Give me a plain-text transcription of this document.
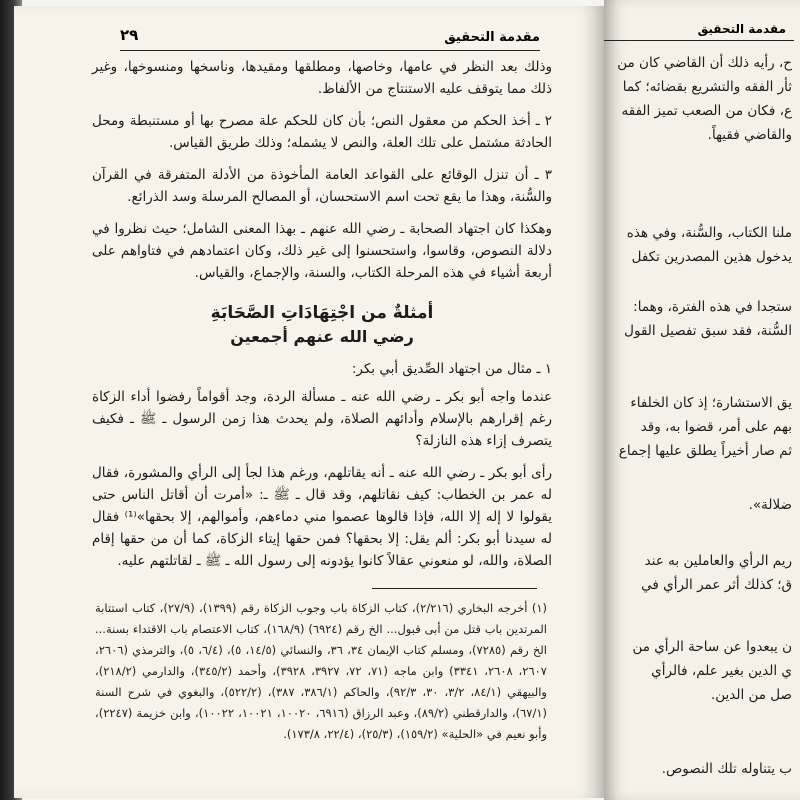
مقدمة التحقيق
٢٩

وذلك بعد النظر في عامها، وخاصها، ومطلقها ومقيدها، وناسخها ومنسوخها، وغير ذلك مما يتوقف عليه الاستنتاج من الألفاظ.

٢ ـ أخذ الحكم من معقول النص؛ بأن كان للحكم علة مصرح بها أو مستنبطة ومحل الحادثة مشتمل على تلك العلة، والنص لا يشمله؛ وذلك طريق القياس.

٣ ـ أن تنزل الوقائع على القواعد العامة المأخوذة من الأدلة المتفرقة في القرآن والسُّنة، وهذا ما يقع تحت اسم الاستحسان، أو المصالح المرسلة وسد الذرائع.

وهكذا كان اجتهاد الصحابة ـ رضي الله عنهم ـ بهذا المعنى الشامل؛ حيث نظروا في دلالة النصوص، وقاسوا، واستحسنوا إلى غير ذلك، وكان اعتمادهم في فتاواهم على أربعة أشياء في هذه المرحلة الكتاب، والسنة، والإجماع، والقياس.

أمثلةٌ من اجْتِهَادَاتِ الصَّحَابَةِ
رضي الله عنهم أجمعين

١ ـ مثال من اجتهاد الصِّديق أبي بكر:

عندما واجه أبو بكر ـ رضي الله عنه ـ مسألة الردة، وجد أقواماً رفضوا أداء الزكاة رغم إقرارهم بالإسلام وأدائهم الصلاة، ولم يحدث هذا زمن الرسول ـ ﷺ ـ فكيف يتصرف إزاء هذه النازلة؟

رأى أبو بكر ـ رضي الله عنه ـ أنه يقاتلهم، ورغم هذا لجأ إلى الرأي والمشورة، فقال له عمر بن الخطاب: كيف نقاتلهم، وقد قال ـ ﷺ ـ: «أمرت أن أقاتل الناس حتى يقولوا لا إله إلا الله، فإذا قالوها عصموا مني دماءهم، وأموالهم، إلا بحقها»⁽¹⁾ فقال له سيدنا أبو بكر: ألم يقل: إلا بحقها؟ فمن حقها إيتاء الزكاة، كما أن من حقها إقام الصلاة، والله، لو منعوني عقالاً كانوا يؤدونه إلى رسول الله ـ ﷺ ـ لقاتلتهم عليه.

(١) أخرجه البخاري (٢/٢١٦)، كتاب الزكاة باب وجوب الزكاة رقم (١٣٩٩)، (٢٧/٩)، كتاب استتابة المرتدين باب قتل من أبى قبول... الخ رقم (٦٩٢٤) (١٦٨/٩)، كتاب الاعتصام باب الاقتداء بسنة... الخ رقم (٧٢٨٥)، ومسلم كتاب الإيمان ٣٤، ٣٦، والنسائي (١٤/٥، ٥)، (٦/٤، ٥)، والترمذي (٢٦٠٦، ٢٦٠٧، ٢٦٠٨، ٣٣٤١) وابن ماجه (٧١، ٧٢، ٣٩٢٧، ٣٩٢٨)، وأحمد (٣٤٥/٢)، والدارمي (٢١٨/٢)، والبيهقي (٨٤/١، ٣/٢، ٣٠، ٩٢/٣)، والحاكم (٣٨٦/١، ٣٨٧)، (٥٢٢/٢)، والبغوي في شرح السنة (٦٧/١)، والدارقطني (٨٩/٢)، وعبد الرزاق (٦٩١٦، ١٠٠٢٠، ١٠٠٢١، ١٠٠٢٢)، وابن خزيمة (٢٢٤٧)، وأبو نعيم في «الحلية» (١٥٩/٢)، (٢٥/٣)، (٢٢/٤، ١٧٣/٨).

مقدمة التحقيق
ح، رأيه ذلك أن القاضي كان من
ثأر الفقه والتشريع بقضائه؛ كما
ع، فكان من الصعب تميز الفقه
والقاضي فقيهاً.
ملنا الكتاب، والسُّنة، وفي هذه
يدخول هذين المصدرين تكفل
ستجدا في هذه الفترة، وهما:
السُّنة، فقد سبق تفصيل القول
يق الاستشارة؛ إذ كان الخلفاء
بهم على أمر، قضوا به، وقد
ثم صار أخيراً يطلق عليها إجماع
ضلالة».
ريم الرأي والعاملين به عند
ق؛ كذلك أثر عمر الرأي في
ن يبعدوا عن ساحة الرأي من
ي الدين بغير علم، فالرأي
صل من الدين.
ب يتناوله تلك النصوص.
